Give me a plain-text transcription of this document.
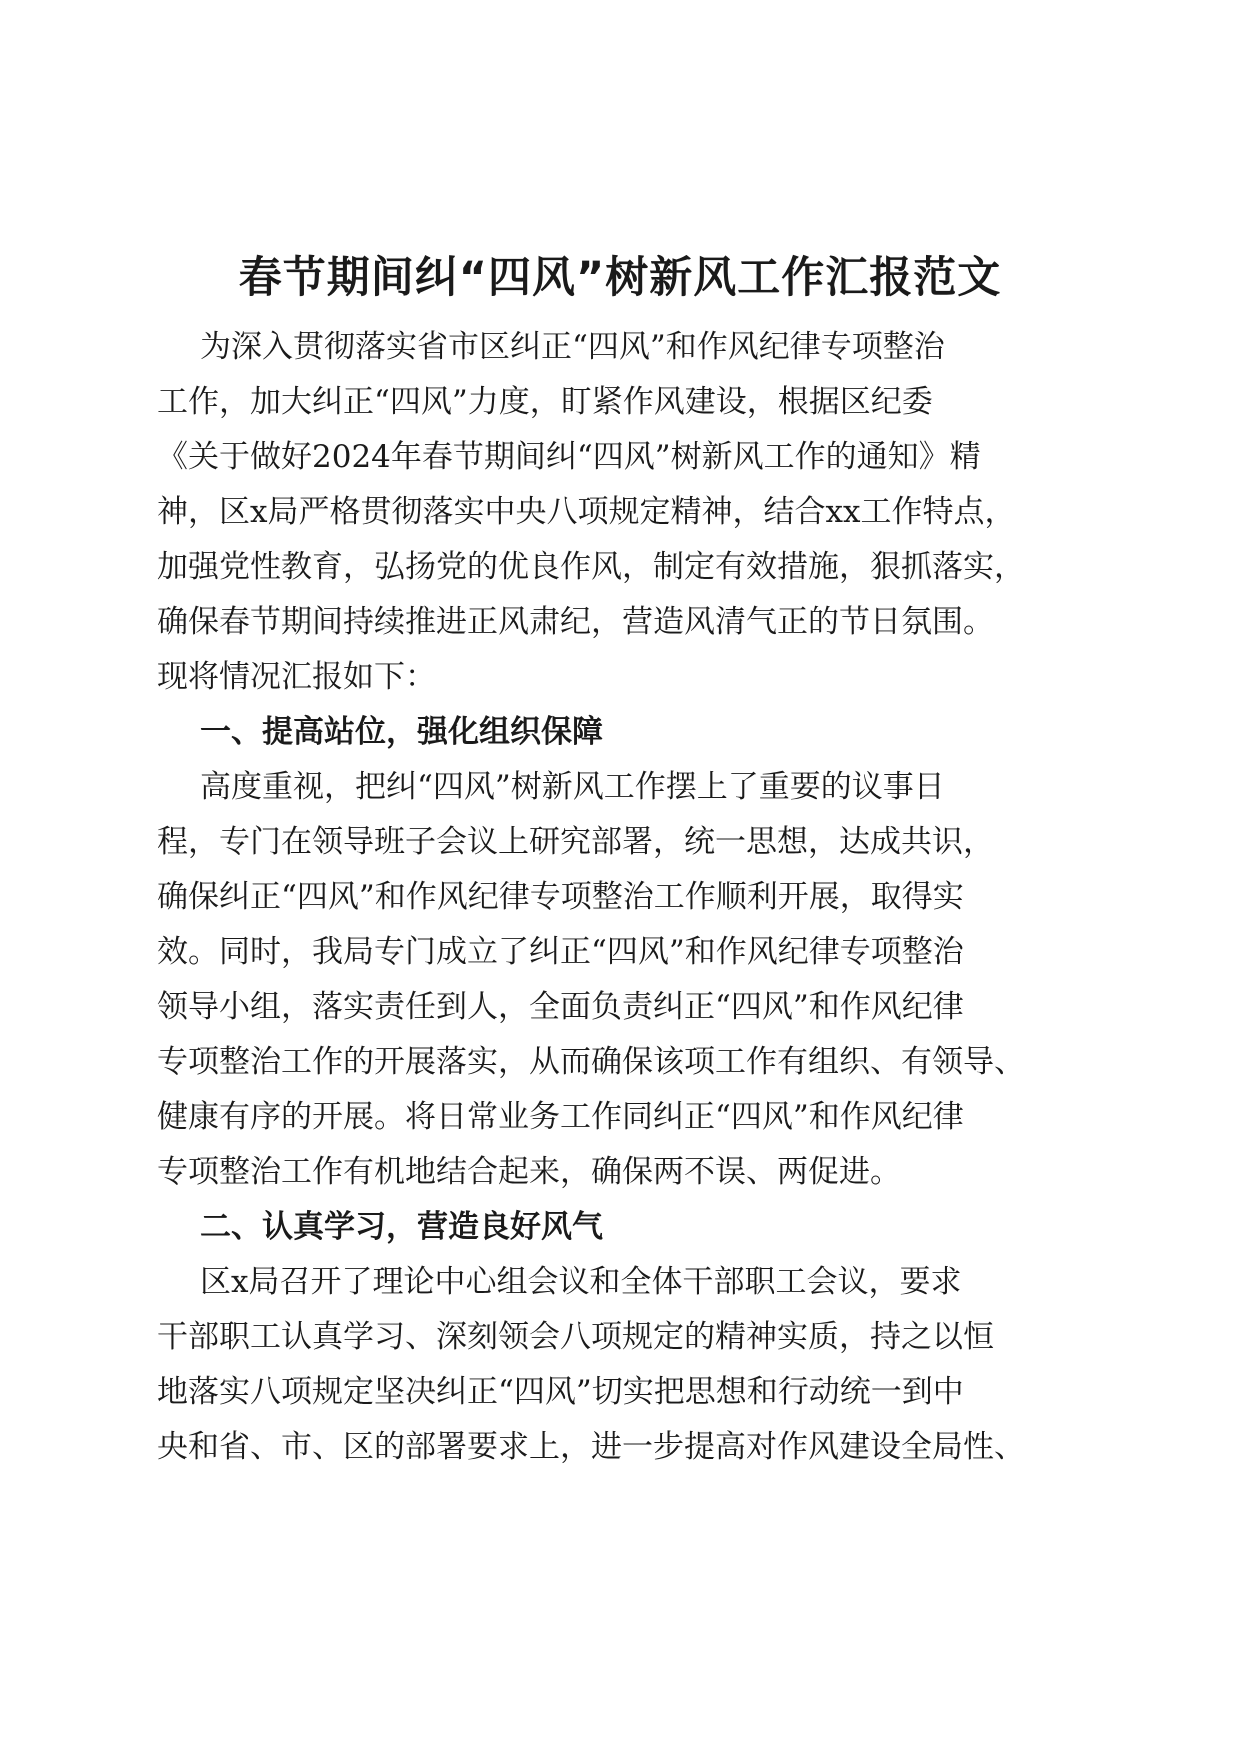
春节期间纠“四风”树新风工作汇报范文
为深入贯彻落实省市区纠正“四风”和作风纪律专项整治
工作，加大纠正“四风”力度，盯紧作风建设，根据区纪委
《关于做好2024年春节期间纠“四风”树新风工作的通知》精
神，区x局严格贯彻落实中央八项规定精神，结合xx工作特点，
加强党性教育，弘扬党的优良作风，制定有效措施，狠抓落实，
确保春节期间持续推进正风肃纪，营造风清气正的节日氛围。
现将情况汇报如下：
一、提高站位，强化组织保障
高度重视，把纠“四风”树新风工作摆上了重要的议事日
程，专门在领导班子会议上研究部署，统一思想，达成共识，
确保纠正“四风”和作风纪律专项整治工作顺利开展，取得实
效。同时，我局专门成立了纠正“四风”和作风纪律专项整治
领导小组，落实责任到人，全面负责纠正“四风”和作风纪律
专项整治工作的开展落实，从而确保该项工作有组织、有领导、
健康有序的开展。将日常业务工作同纠正“四风”和作风纪律
专项整治工作有机地结合起来，确保两不误、两促进。
二、认真学习，营造良好风气
区x局召开了理论中心组会议和全体干部职工会议，要求
干部职工认真学习、深刻领会八项规定的精神实质，持之以恒
地落实八项规定坚决纠正“四风”切实把思想和行动统一到中
央和省、市、区的部署要求上，进一步提高对作风建设全局性、
